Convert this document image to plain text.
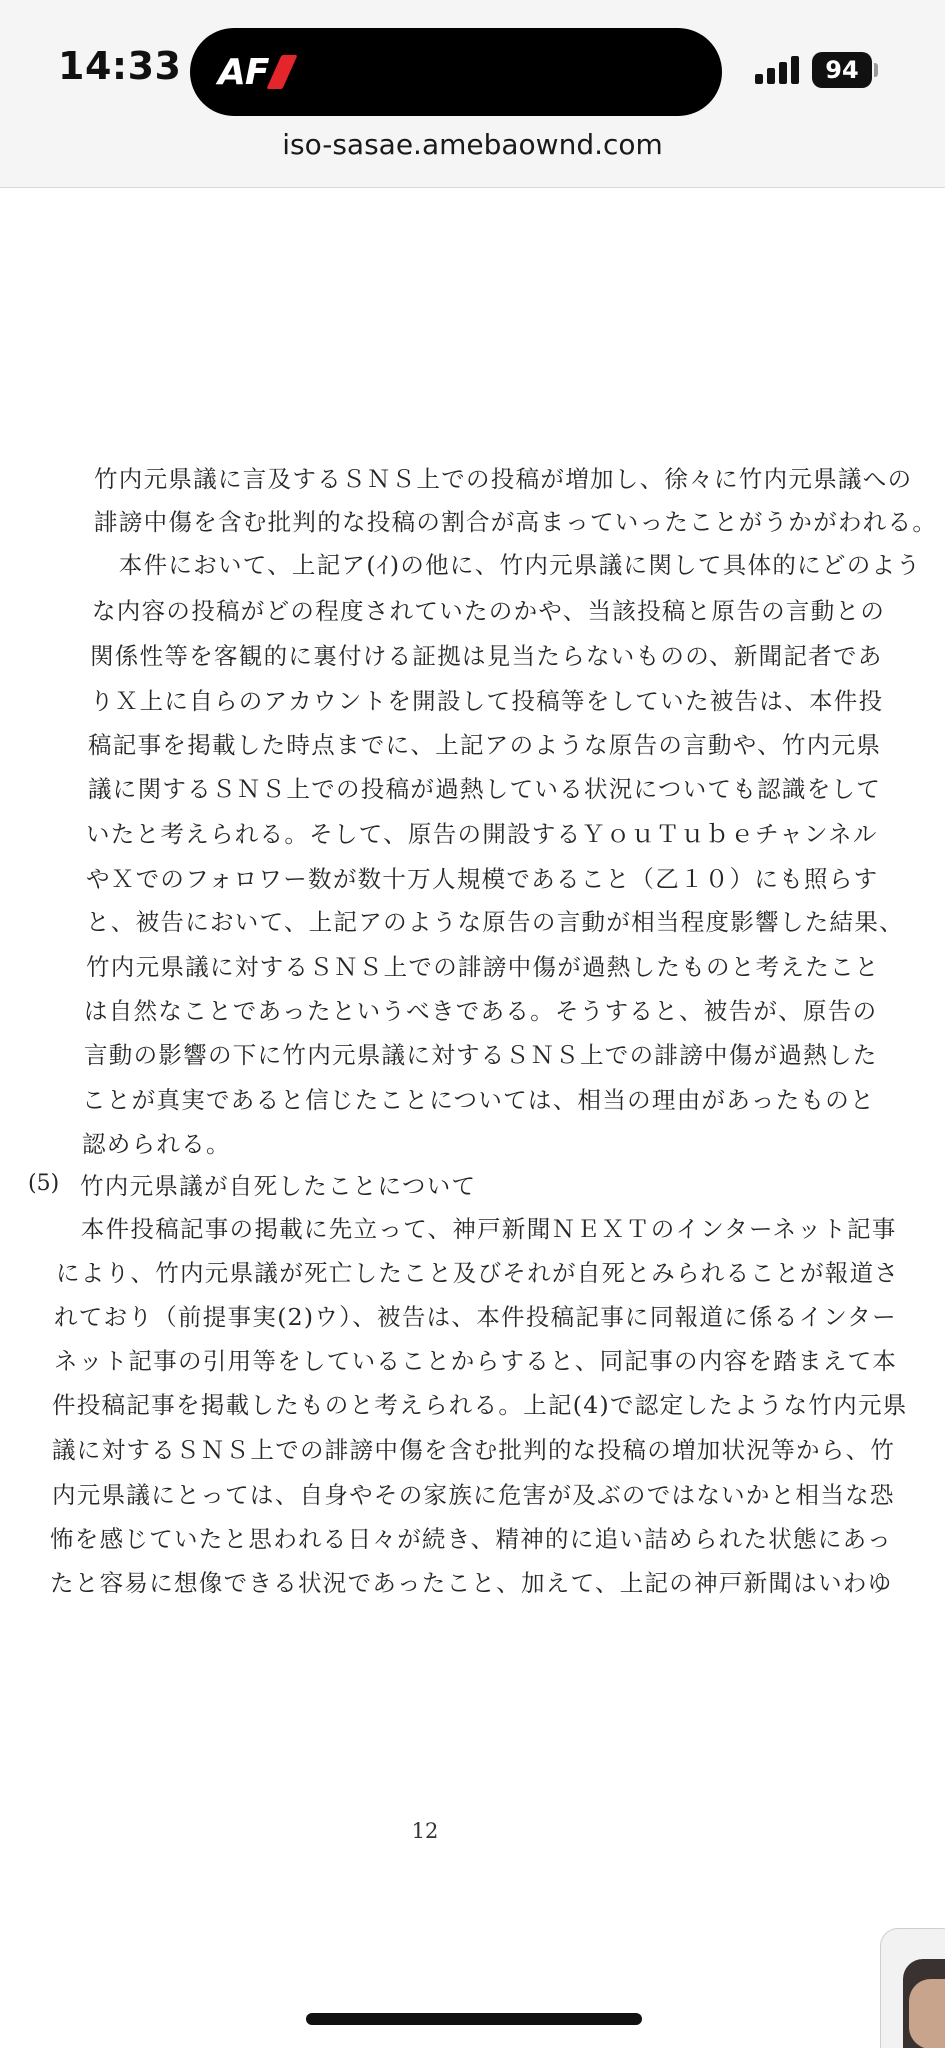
14:33 AF	94
iso-sasae.amebaownd.com
竹内元県議に言及するＳＮＳ上での投稿が増加し、徐々に竹内元県議への
誹謗中傷を含む批判的な投稿の割合が高まっていったことがうかがわれる。
　本件において、上記ア(ｲ)の他に、竹内元県議に関して具体的にどのよう
な内容の投稿がどの程度されていたのかや、当該投稿と原告の言動との
関係性等を客観的に裏付ける証拠は見当たらないものの、新聞記者であ
りＸ上に自らのアカウントを開設して投稿等をしていた被告は、本件投
稿記事を掲載した時点までに、上記アのような原告の言動や、竹内元県
議に関するＳＮＳ上での投稿が過熱している状況についても認識をして
いたと考えられる。そして、原告の開設するＹｏｕＴｕｂｅチャンネル
やＸでのフォロワー数が数十万人規模であること（乙１０）にも照らす
と、被告において、上記アのような原告の言動が相当程度影響した結果、
竹内元県議に対するＳＮＳ上での誹謗中傷が過熱したものと考えたこと
は自然なことであったというべきである。そうすると、被告が、原告の
言動の影響の下に竹内元県議に対するＳＮＳ上での誹謗中傷が過熱した
ことが真実であると信じたことについては、相当の理由があったものと
認められる。
(5) 竹内元県議が自死したことについて
　本件投稿記事の掲載に先立って、神戸新聞ＮＥＸＴのインターネット記事
により、竹内元県議が死亡したこと及びそれが自死とみられることが報道さ
れており（前提事実(2)ウ）、被告は、本件投稿記事に同報道に係るインター
ネット記事の引用等をしていることからすると、同記事の内容を踏まえて本
件投稿記事を掲載したものと考えられる。上記(4)で認定したような竹内元県
議に対するＳＮＳ上での誹謗中傷を含む批判的な投稿の増加状況等から、竹
内元県議にとっては、自身やその家族に危害が及ぶのではないかと相当な恐
怖を感じていたと思われる日々が続き、精神的に追い詰められた状態にあっ
たと容易に想像できる状況であったこと、加えて、上記の神戸新聞はいわゆ
12
